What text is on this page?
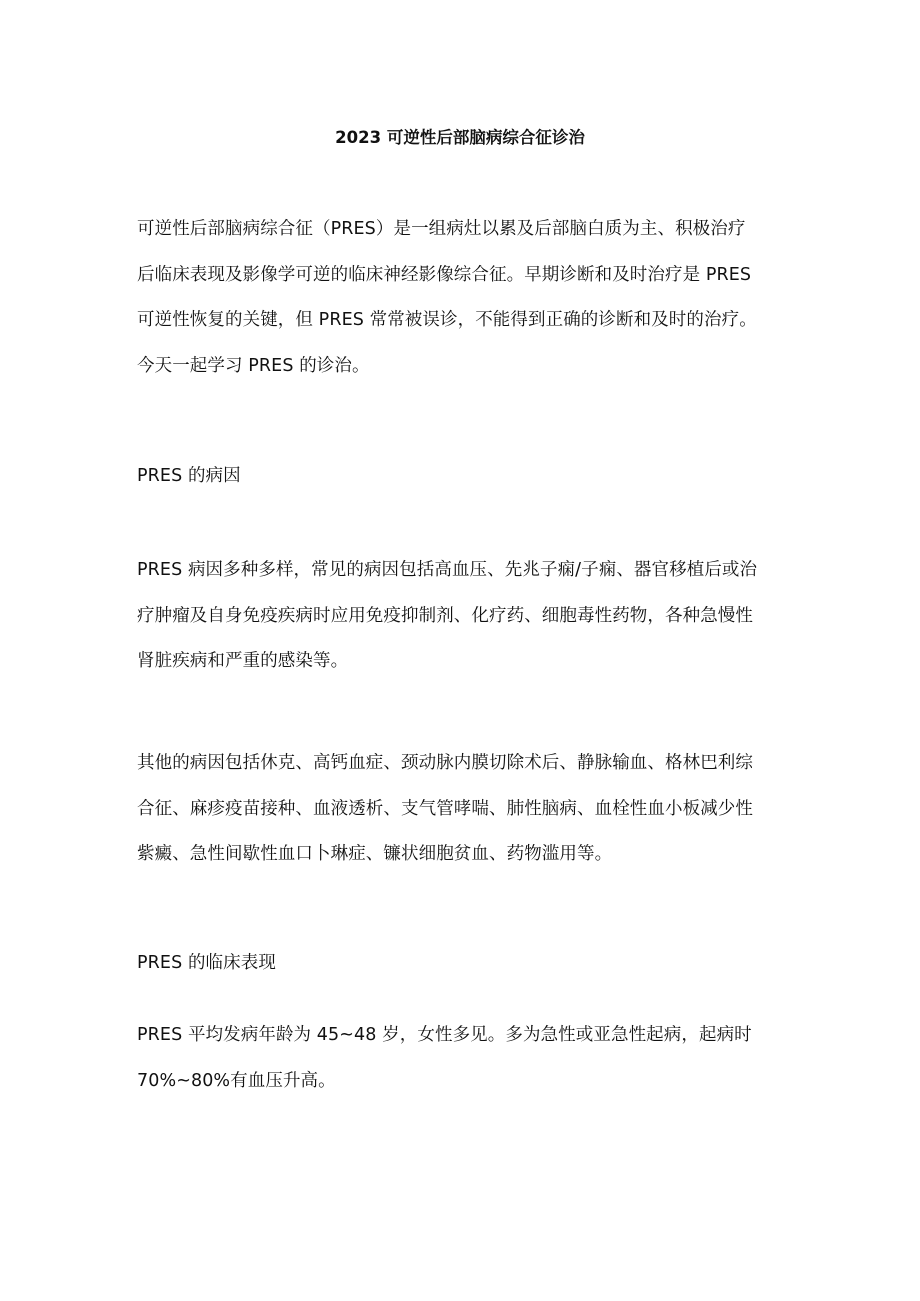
2023 可逆性后部脑病综合征诊治
可逆性后部脑病综合征（PRES）是一组病灶以累及后部脑白质为主、积极治疗
后临床表现及影像学可逆的临床神经影像综合征。早期诊断和及时治疗是 PRES
可逆性恢复的关键，但 PRES 常常被误诊，不能得到正确的诊断和及时的治疗。
今天一起学习 PRES 的诊治。
PRES 的病因
PRES 病因多种多样，常见的病因包括高血压、先兆子痫/子痫、器官移植后或治
疗肿瘤及自身免疫疾病时应用免疫抑制剂、化疗药、细胞毒性药物，各种急慢性
肾脏疾病和严重的感染等。
其他的病因包括休克、高钙血症、颈动脉内膜切除术后、静脉输血、格林巴利综
合征、麻疹疫苗接种、血液透析、支气管哮喘、肺性脑病、血栓性血小板减少性
紫癜、急性间歇性血口卜琳症、镰状细胞贫血、药物滥用等。
PRES 的临床表现
PRES 平均发病年龄为 45~48 岁，女性多见。多为急性或亚急性起病，起病时
70%~80%有血压升高。
